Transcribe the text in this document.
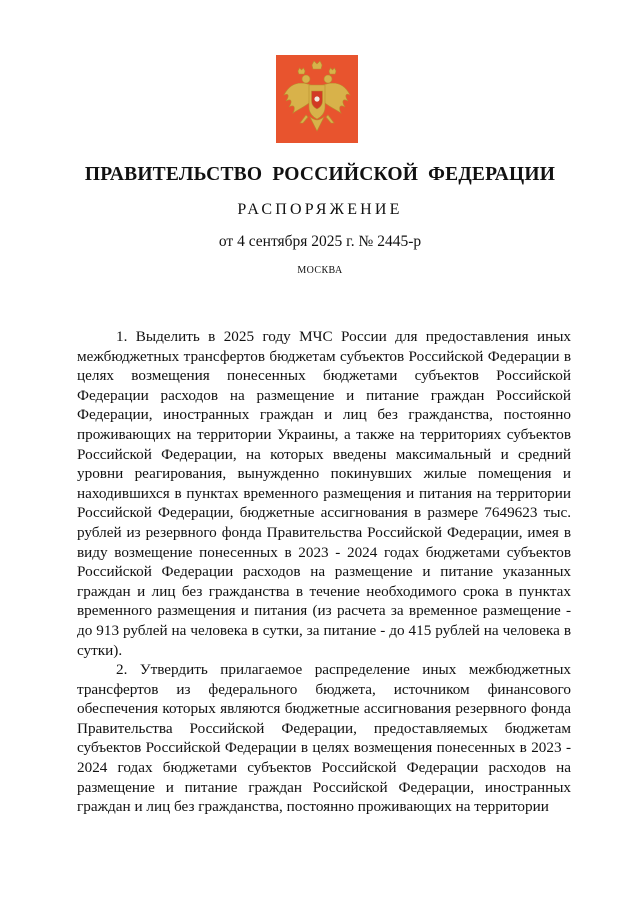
ПРАВИТЕЛЬСТВО РОССИЙСКОЙ ФЕДЕРАЦИИ
РАСПОРЯЖЕНИЕ
от 4 сентября 2025 г. № 2445-р
МОСКВА

1. Выделить в 2025 году МЧС России для предоставления иных межбюджетных трансфертов бюджетам субъектов Российской Федерации в целях возмещения понесенных бюджетами субъектов Российской Федерации расходов на размещение и питание граждан Российской Федерации, иностранных граждан и лиц без гражданства, постоянно проживающих на территории Украины, а также на территориях субъектов Российской Федерации, на которых введены максимальный и средний уровни реагирования, вынужденно покинувших жилые помещения и находившихся в пунктах временного размещения и питания на территории Российской Федерации, бюджетные ассигнования в размере 7649623 тыс. рублей из резервного фонда Правительства Российской Федерации, имея в виду возмещение понесенных в 2023 - 2024 годах бюджетами субъектов Российской Федерации расходов на размещение и питание указанных граждан и лиц без гражданства в течение необходимого срока в пунктах временного размещения и питания (из расчета за временное размещение - до 913 рублей на человека в сутки, за питание - до 415 рублей на человека в сутки).

2. Утвердить прилагаемое распределение иных межбюджетных трансфертов из федерального бюджета, источником финансового обеспечения которых являются бюджетные ассигнования резервного фонда Правительства Российской Федерации, предоставляемых бюджетам субъектов Российской Федерации в целях возмещения понесенных в 2023 - 2024 годах бюджетами субъектов Российской Федерации расходов на размещение и питание граждан Российской Федерации, иностранных граждан и лиц без гражданства, постоянно проживающих на территории
